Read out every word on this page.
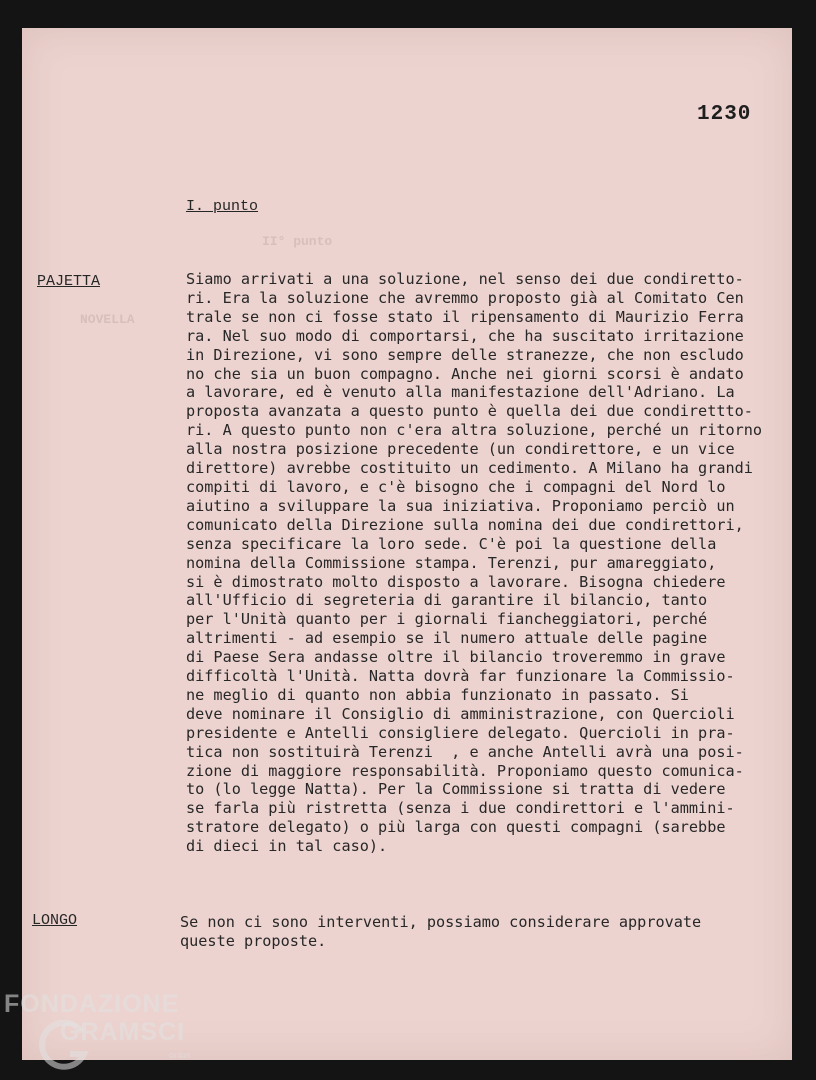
II° punto
NOVELLA
1230
I. punto
PAJETTA	Siamo arrivati a una soluzione, nel senso dei due condiretto-
ri. Era la soluzione che avremmo proposto già al Comitato Cen
trale se non ci fosse stato il ripensamento di Maurizio Ferra
ra. Nel suo modo di comportarsi, che ha suscitato irritazione
in Direzione, vi sono sempre delle stranezze, che non escludo
no che sia un buon compagno. Anche nei giorni scorsi è andato
a lavorare, ed è venuto alla manifestazione dell'Adriano. La
proposta avanzata a questo punto è quella dei due condirettto-
ri. A questo punto non c'era altra soluzione, perché un ritorno
alla nostra posizione precedente (un condirettore, e un vice
direttore) avrebbe costituito un cedimento. A Milano ha grandi
compiti di lavoro, e c'è bisogno che i compagni del Nord lo
aiutino a sviluppare la sua iniziativa. Proponiamo perciò un
comunicato della Direzione sulla nomina dei due condirettori,
senza specificare la loro sede. C'è poi la questione della
nomina della Commissione stampa. Terenzi, pur amareggiato,
si è dimostrato molto disposto a lavorare. Bisogna chiedere
all'Ufficio di segreteria di garantire il bilancio, tanto
per l'Unità quanto per i giornali fiancheggiatori, perché
altrimenti - ad esempio se il numero attuale delle pagine
di Paese Sera andasse oltre il bilancio troveremmo in grave
difficoltà l'Unità. Natta dovrà far funzionare la Commissio-
ne meglio di quanto non abbia funzionato in passato. Si
deve nominare il Consiglio di amministrazione, con Quercioli
presidente e Antelli consigliere delegato. Quercioli in pra-
tica non sostituirà Terenzi  , e anche Antelli avrà una posi-
zione di maggiore responsabilità. Proponiamo questo comunica-
to (lo legge Natta). Per la Commissione si tratta di vedere
se farla più ristretta (senza i due condirettori e l'ammini-
stratore delegato) o più larga con questi compagni (sarebbe
di dieci in tal caso).
LONGO	Se non ci sono interventi, possiamo considerare approvate
queste proposte.
FONDAZIONE
GRAMSCI
onlus
